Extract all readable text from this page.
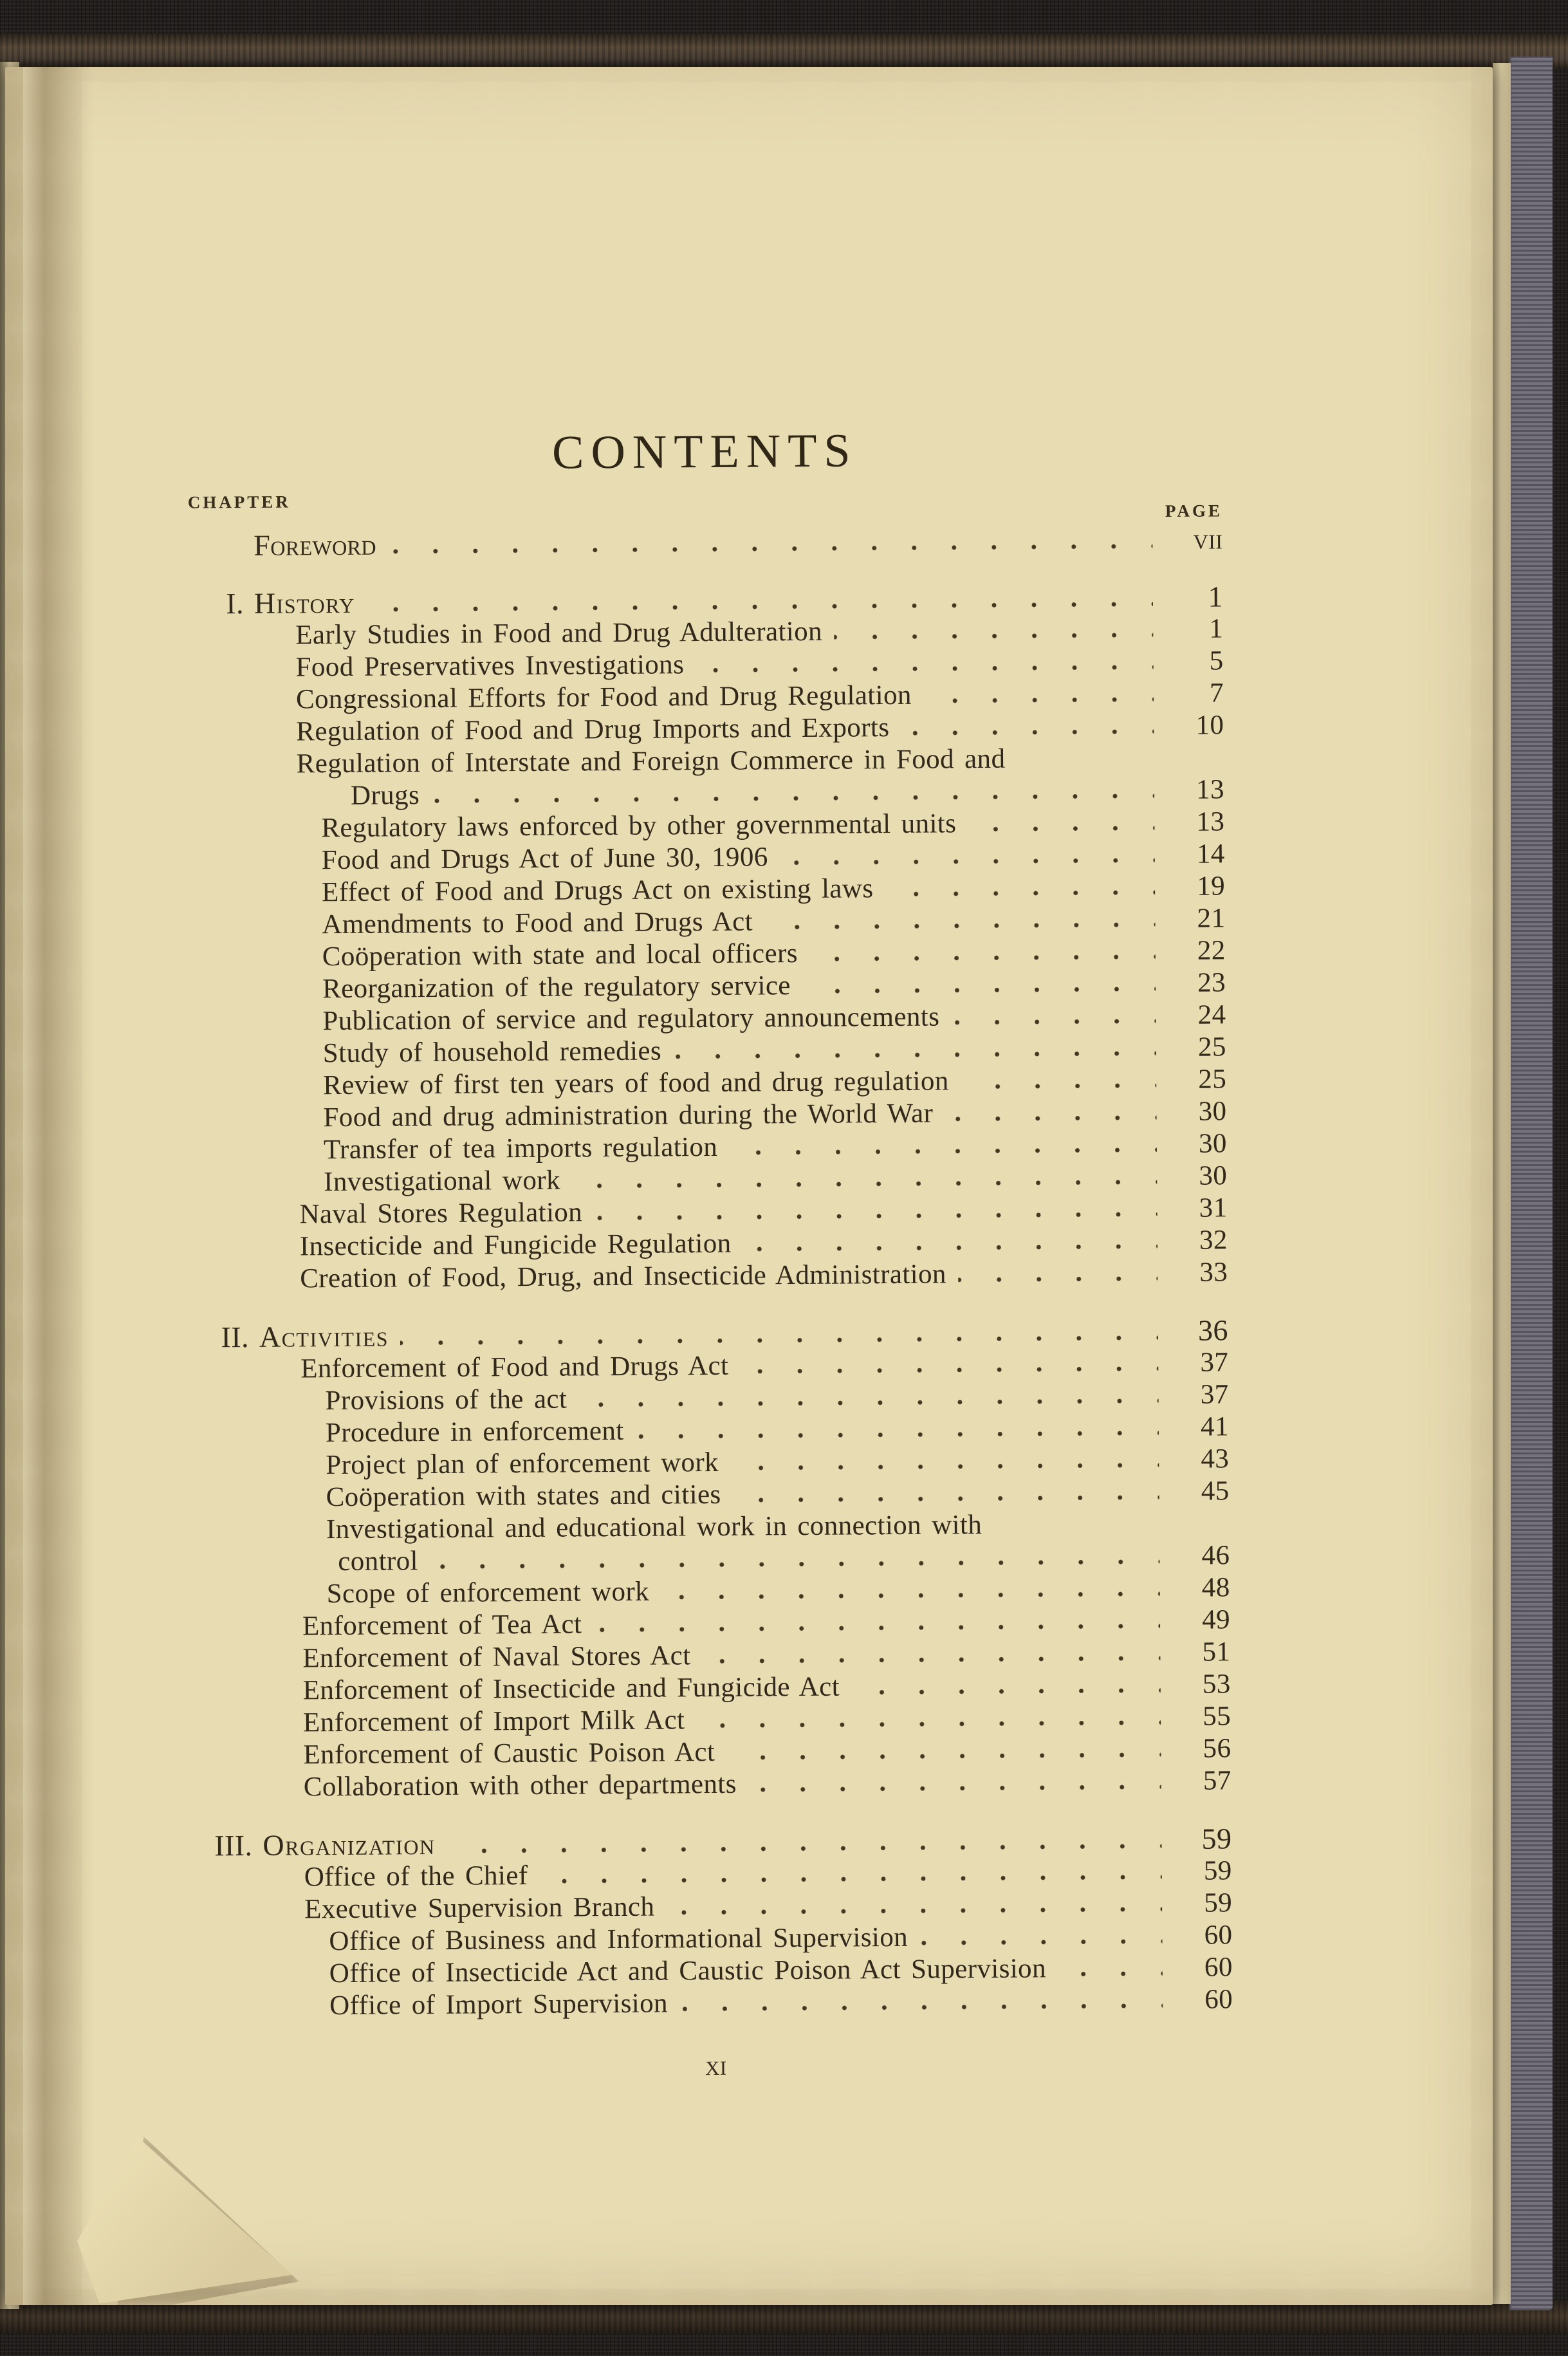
CONTENTS
CHAPTER	PAGE
Foreword	vii
I. History	1
Early Studies in Food and Drug Adulteration	1
Food Preservatives Investigations	5
Congressional Efforts for Food and Drug Regulation	7
Regulation of Food and Drug Imports and Exports	10
Regulation of Interstate and Foreign Commerce in Food and
Drugs	13
Regulatory laws enforced by other governmental units	13
Food and Drugs Act of June 30, 1906	14
Effect of Food and Drugs Act on existing laws	19
Amendments to Food and Drugs Act	21
Coöperation with state and local officers	22
Reorganization of the regulatory service	23
Publication of service and regulatory announcements	24
Study of household remedies	25
Review of first ten years of food and drug regulation	25
Food and drug administration during the World War	30
Transfer of tea imports regulation	30
Investigational work	30
Naval Stores Regulation	31
Insecticide and Fungicide Regulation	32
Creation of Food, Drug, and Insecticide Administration	33
II. Activities	36
Enforcement of Food and Drugs Act	37
Provisions of the act	37
Procedure in enforcement	41
Project plan of enforcement work	43
Coöperation with states and cities	45
Investigational and educational work in connection with
control	46
Scope of enforcement work	48
Enforcement of Tea Act	49
Enforcement of Naval Stores Act	51
Enforcement of Insecticide and Fungicide Act	53
Enforcement of Import Milk Act	55
Enforcement of Caustic Poison Act	56
Collaboration with other departments	57
III. Organization	59
Office of the Chief	59
Executive Supervision Branch	59
Office of Business and Informational Supervision	60
Office of Insecticide Act and Caustic Poison Act Supervision	60
Office of Import Supervision	60
xi
